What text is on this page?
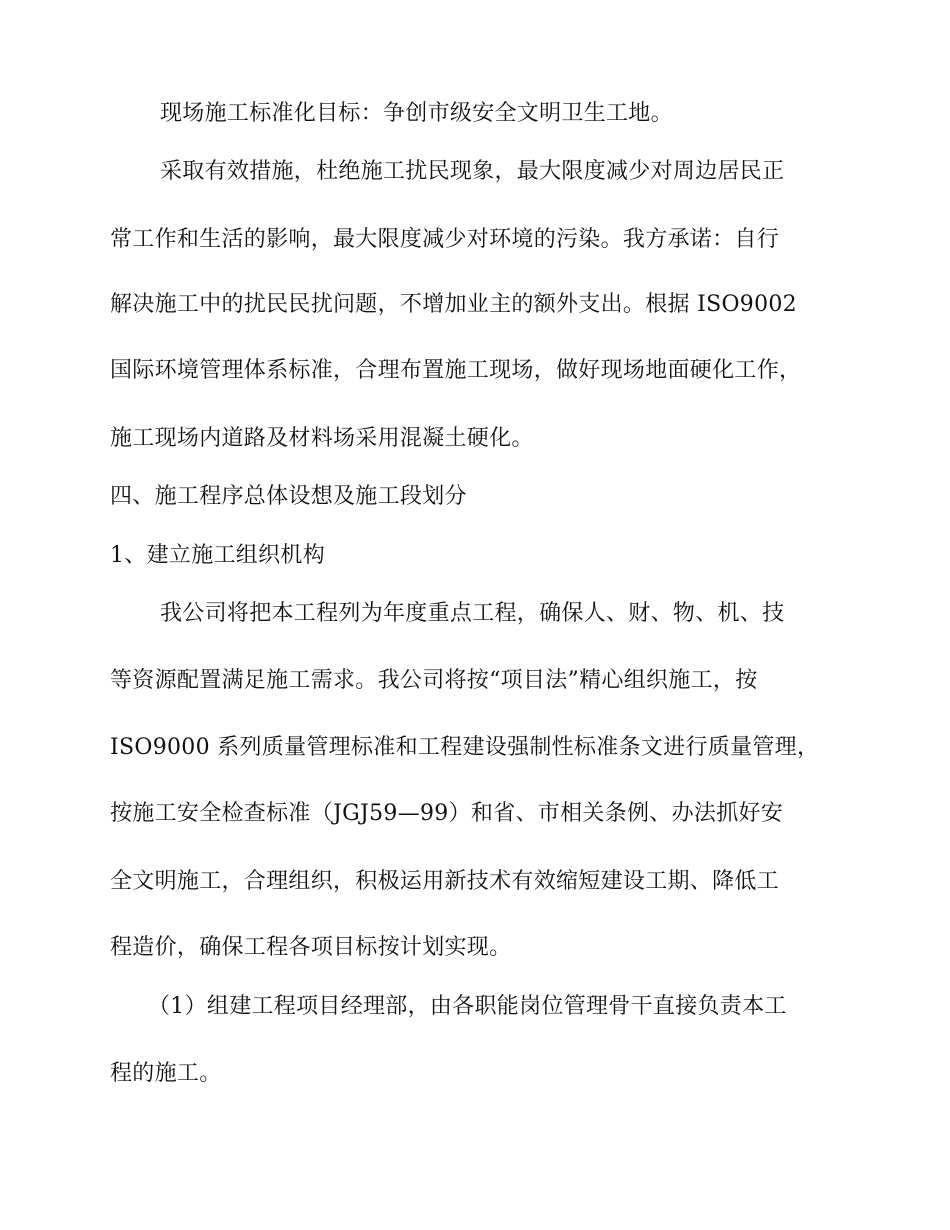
现场施工标准化目标：争创市级安全文明卫生工地。
采取有效措施，杜绝施工扰民现象，最大限度减少对周边居民正
常工作和生活的影响，最大限度减少对环境的污染。我方承诺：自行
解决施工中的扰民民扰问题，不增加业主的额外支出。根据 ISO9002
国际环境管理体系标准，合理布置施工现场，做好现场地面硬化工作，
施工现场内道路及材料场采用混凝土硬化。
四、施工程序总体设想及施工段划分
1、建立施工组织机构
我公司将把本工程列为年度重点工程，确保人、财、物、机、技
等资源配置满足施工需求。我公司将按“项目法”精心组织施工，按
ISO9000 系列质量管理标准和工程建设强制性标准条文进行质量管理，
按施工安全检查标准（JGJ59—99）和省、市相关条例、办法抓好安
全文明施工，合理组织，积极运用新技术有效缩短建设工期、降低工
程造价，确保工程各项目标按计划实现。
（1）组建工程项目经理部，由各职能岗位管理骨干直接负责本工
程的施工。
